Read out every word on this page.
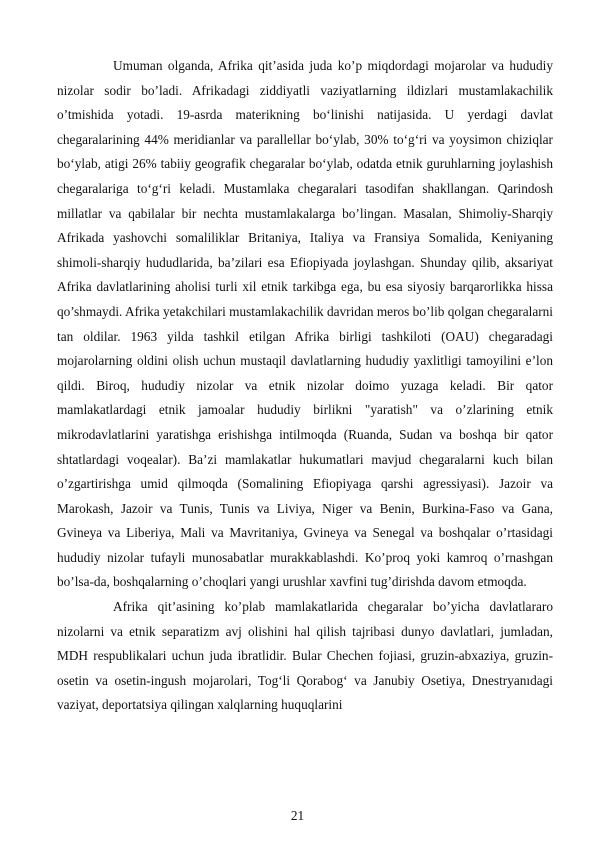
Umuman olganda, Afrika qit’asida juda ko’p miqdordagi mojarolar va hududiy nizolar sodir bo’ladi. Afrikadagi ziddiyatli vaziyatlarning ildizlari mustamlakachilik o’tmishida yotadi. 19-asrda materikning bo‘linishi natijasida. U yerdagi davlat chegaralarining 44% meridianlar va parallellar bo‘ylab, 30% to‘g‘ri va yoysimon chiziqlar bo‘ylab, atigi 26% tabiiy geografik chegaralar bo‘ylab, odatda etnik guruhlarning joylashish chegaralariga to‘g‘ri keladi. Mustamlaka chegaralari tasodifan shakllangan. Qarindosh millatlar va qabilalar bir nechta mustamlakalarga bo’lingan. Masalan, Shimoliy-Sharqiy Afrikada yashovchi somaliliklar Britaniya, Italiya va Fransiya Somalida, Keniyaning shimoli-sharqiy hududlarida, ba’zilari esa Efiopiyada joylashgan. Shunday qilib, aksariyat Afrika davlatlarining aholisi turli xil etnik tarkibga ega, bu esa siyosiy barqarorlikka hissa qo’shmaydi. Afrika yetakchilari mustamlakachilik davridan meros bo’lib qolgan chegaralarni tan oldilar. 1963 yilda tashkil etilgan Afrika birligi tashkiloti (OAU) chegaradagi mojarolarning oldini olish uchun mustaqil davlatlarning hududiy yaxlitligi tamoyilini e’lon qildi. Biroq, hududiy nizolar va etnik nizolar doimo yuzaga keladi. Bir qator mamlakatlardagi etnik jamoalar hududiy birlikni "yaratish" va o’zlarining etnik mikrodavlatlarini yaratishga erishishga intilmoqda (Ruanda, Sudan va boshqa bir qator shtatlardagi voqealar). Ba’zi mamlakatlar hukumatlari mavjud chegaralarni kuch bilan o’zgartirishga umid qilmoqda (Somalining Efiopiyaga qarshi agressiyasi). Jazoir va Marokash, Jazoir va Tunis, Tunis va Liviya, Niger va Benin, Burkina-Faso va Gana, Gvineya va Liberiya, Mali va Mavritaniya, Gvineya va Senegal va boshqalar o’rtasidagi hududiy nizolar tufayli munosabatlar murakkablashdi. Ko’proq yoki kamroq o’rnashgan bo’lsa-da, boshqalarning o’choqlari yangi urushlar xavfini tug’dirishda davom etmoqda.

Afrika qit’asining ko’plab mamlakatlarida chegaralar bo’yicha davlatlararo nizolarni va etnik separatizm avj olishini hal qilish tajribasi dunyo davlatlari, jumladan, MDH respublikalari uchun juda ibratlidir. Bular Chechen fojiasi, gruzin-abxaziya, gruzin-osetin va osetin-ingush mojarolari, Tog‘li Qorabog‘ va Janubiy Osetiya, Dnestryanıdagi vaziyat, deportatsiya qilingan xalqlarning huquqlarini

21
